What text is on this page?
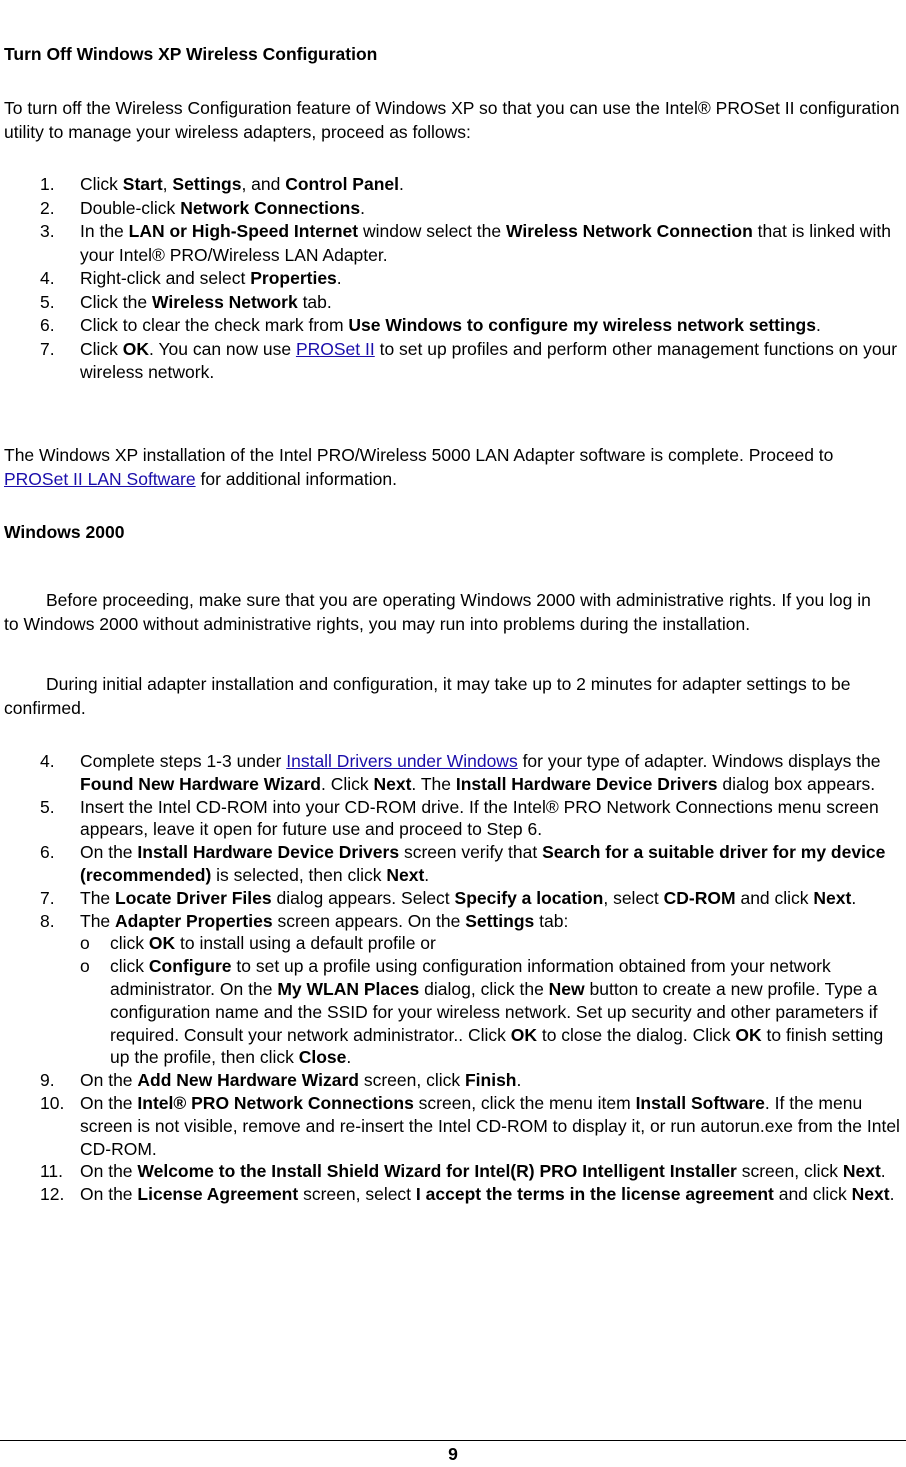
Turn Off Windows XP Wireless Configuration

To turn off the Wireless Configuration feature of Windows XP so that you can use the Intel® PROSet II configuration utility to manage your wireless adapters, proceed as follows:

1. Click Start, Settings, and Control Panel.
2. Double-click Network Connections.
3. In the LAN or High-Speed Internet window select the Wireless Network Connection that is linked with your Intel® PRO/Wireless LAN Adapter.
4. Right-click and select Properties.
5. Click the Wireless Network tab.
6. Click to clear the check mark from Use Windows to configure my wireless network settings.
7. Click OK. You can now use PROSet II to set up profiles and perform other management functions on your wireless network.

The Windows XP installation of the Intel PRO/Wireless 5000 LAN Adapter software is complete. Proceed to PROSet II LAN Software for additional information.

Windows 2000

Before proceeding, make sure that you are operating Windows 2000 with administrative rights. If you log in to Windows 2000 without administrative rights, you may run into problems during the installation.

During initial adapter installation and configuration, it may take up to 2 minutes for adapter settings to be confirmed.

4. Complete steps 1-3 under Install Drivers under Windows for your type of adapter. Windows displays the Found New Hardware Wizard. Click Next. The Install Hardware Device Drivers dialog box appears.
5. Insert the Intel CD-ROM into your CD-ROM drive. If the Intel® PRO Network Connections menu screen appears, leave it open for future use and proceed to Step 6.
6. On the Install Hardware Device Drivers screen verify that Search for a suitable driver for my device (recommended) is selected, then click Next.
7. The Locate Driver Files dialog appears. Select Specify a location, select CD-ROM and click Next.
8. The Adapter Properties screen appears. On the Settings tab:
o click OK to install using a default profile or
o click Configure to set up a profile using configuration information obtained from your network administrator. On the My WLAN Places dialog, click the New button to create a new profile. Type a configuration name and the SSID for your wireless network. Set up security and other parameters if required. Consult your network administrator.. Click OK to close the dialog. Click OK to finish setting up the profile, then click Close.
9. On the Add New Hardware Wizard screen, click Finish.
10. On the Intel® PRO Network Connections screen, click the menu item Install Software. If the menu screen is not visible, remove and re-insert the Intel CD-ROM to display it, or run autorun.exe from the Intel CD-ROM.
11. On the Welcome to the Install Shield Wizard for Intel(R) PRO Intelligent Installer screen, click Next.
12. On the License Agreement screen, select I accept the terms in the license agreement and click Next.
9
